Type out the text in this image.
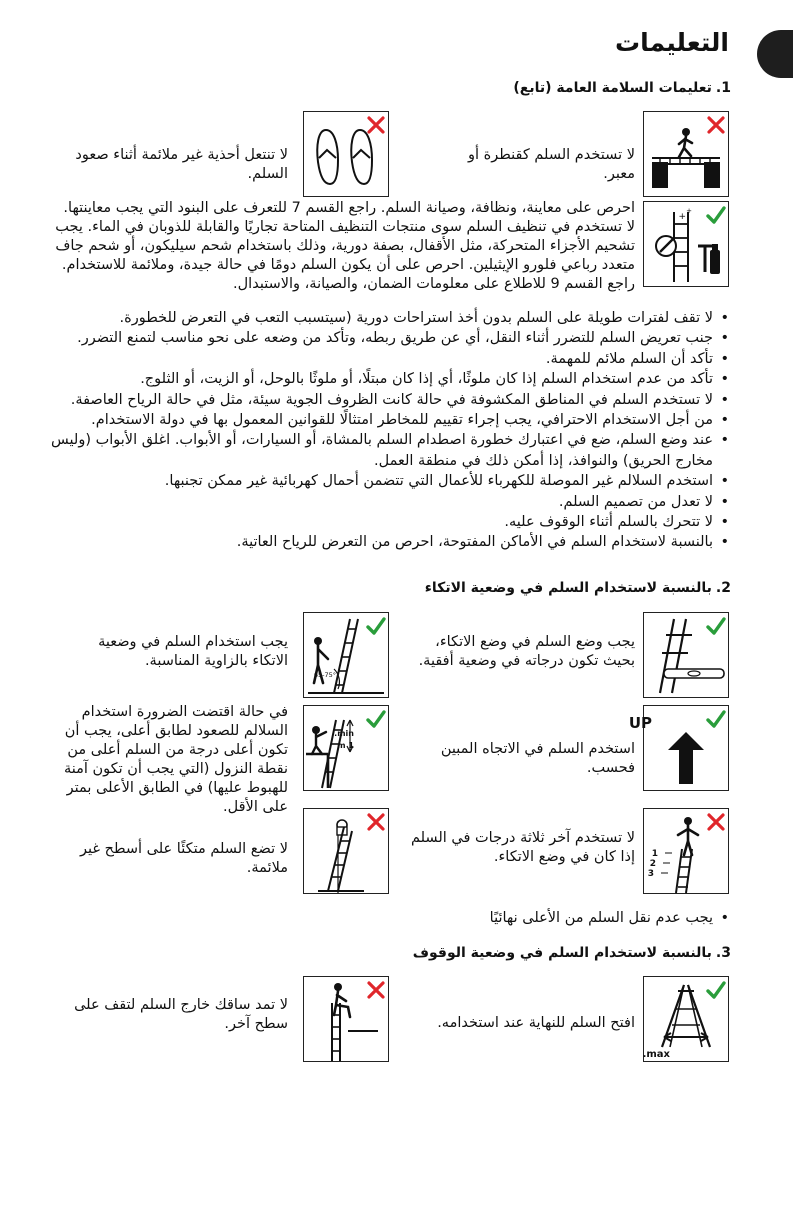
التعليمات
1.تعليمات السلامة العامة (تابع)

لا تستخدم السلم كقنطرة أو معبر.

لا تنتعل أحذية غير ملائمة أثناء صعود السلم.

+
+

احرص على معاينة، ونظافة، وصيانة السلم. راجع القسم 7 للتعرف على البنود التي يجب معاينتها. لا تستخدم في تنظيف السلم سوى منتجات التنظيف المتاحة تجاريًا والقابلة للذوبان في الماء. يجب تشحيم الأجزاء المتحركة، مثل الأقفال، بصفة دورية، وذلك باستخدام شحم سيليكون، أو شحم جاف متعدد رباعي فلورو الإيثيلين. احرص على أن يكون السلم دومًا في حالة جيدة، وملائمة للاستخدام. راجع القسم 9 للاطلاع على معلومات الضمان، والصيانة، والاستبدال.

• لا تقف لفترات طويلة على السلم بدون أخذ استراحات دورية (سيتسبب التعب في التعرض للخطورة.
• جنب تعريض السلم للتضرر أثناء النقل، أي عن طريق ربطه، وتأكد من وضعه على نحو مناسب لتمنع التضرر.
• تأكد أن السلم ملائم للمهمة.
• تأكد من عدم استخدام السلم إذا كان ملوثًا، أي إذا كان مبتلًا، أو ملوثًا بالوحل، أو الزيت، أو الثلوج.
• لا تستخدم السلم في المناطق المكشوفة في حالة كانت الظروف الجوية سيئة، مثل في حالة الرياح العاصفة.
• من أجل الاستخدام الاحترافي، يجب إجراء تقييم للمخاطر امتثالًا للقوانين المعمول بها في دولة الاستخدام.
• عند وضع السلم، ضع في اعتبارك خطورة اصطدام السلم بالمشاة، أو السيارات، أو الأبواب. اغلق الأبواب (وليس مخارج الحريق) والنوافذ، إذا أمكن ذلك في منطقة العمل.
• استخدم السلالم غير الموصلة للكهرباء للأعمال التي تتضمن أحمال كهربائية غير ممكن تجنبها.
• لا تعدل من تصميم السلم.
• لا تتحرك بالسلم أثناء الوقوف عليه.
• بالنسبة لاستخدام السلم في الأماكن المفتوحة، احرص من التعرض للرياح العاتية.
2.بالنسبة لاستخدام السلم في وضعية الاتكاء

يجب وضع السلم في وضع الاتكاء، بحيث تكون درجاته في وضعية أفقية.

65-75°

يجب استخدام السلم في وضعية الاتكاء بالزاوية المناسبة.

UP

استخدم السلم في الاتجاه المبين فحسب.

min.
1 m

في حالة اقتضت الضرورة استخدام السلالم للصعود لطابق أعلى، يجب أن تكون أعلى درجة من السلم أعلى من نقطة النزول (التي يجب أن تكون آمنة للهبوط عليها) في الطابق الأعلى بمتر على الأقل.

1
2
3

لا تستخدم آخر ثلاثة درجات في السلم إذا كان في وضع الاتكاء.

لا تضع السلم متكئًا على أسطح غير ملائمة.

• يجب عدم نقل السلم من الأعلى نهائيًا
3.بالنسبة لاستخدام السلم في وضعية الوقوف
max.

افتح السلم للنهاية عند استخدامه.

لا تمد ساقك خارج السلم لتقف على سطح آخر.
